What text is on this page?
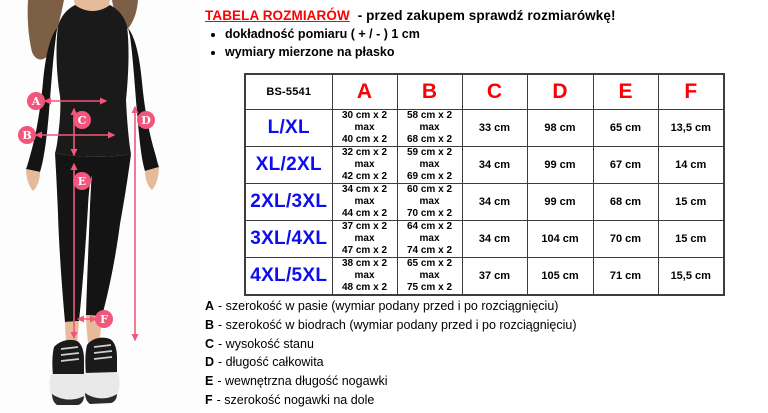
A
B
C	D
E
F
TABELA ROZMIARÓW - przed zakupem sprawdź rozmiarówkę!
• dokładność pomiaru ( + / - ) 1 cm
• wymiary mierzone na płasko
BS-5541	A	B	C	D	E	F
L/XL	30 cm x 2
max
40 cm x 2	58 cm x 2
max
68 cm x 2	33 cm	98 cm	65 cm	13,5 cm
XL/2XL	32 cm x 2
max
42 cm x 2	59 cm x 2
max
69 cm x 2	34 cm	99 cm	67 cm	14 cm
2XL/3XL	34 cm x 2
max
44 cm x 2	60 cm x 2
max
70 cm x 2	34 cm	99 cm	68 cm	15 cm
3XL/4XL	37 cm x 2
max
47 cm x 2	64 cm x 2
max
74 cm x 2	34 cm	104 cm	70 cm	15 cm
4XL/5XL	38 cm x 2
max
48 cm x 2	65 cm x 2
max
75 cm x 2	37 cm	105 cm	71 cm	15,5 cm
A - szerokość w pasie (wymiar podany przed i po rozciągnięciu)
B - szerokość w biodrach (wymiar podany przed i po rozciągnięciu)
C - wysokość stanu
D - długość całkowita
E - wewnętrzna długość nogawki
F - szerokość nogawki na dole
